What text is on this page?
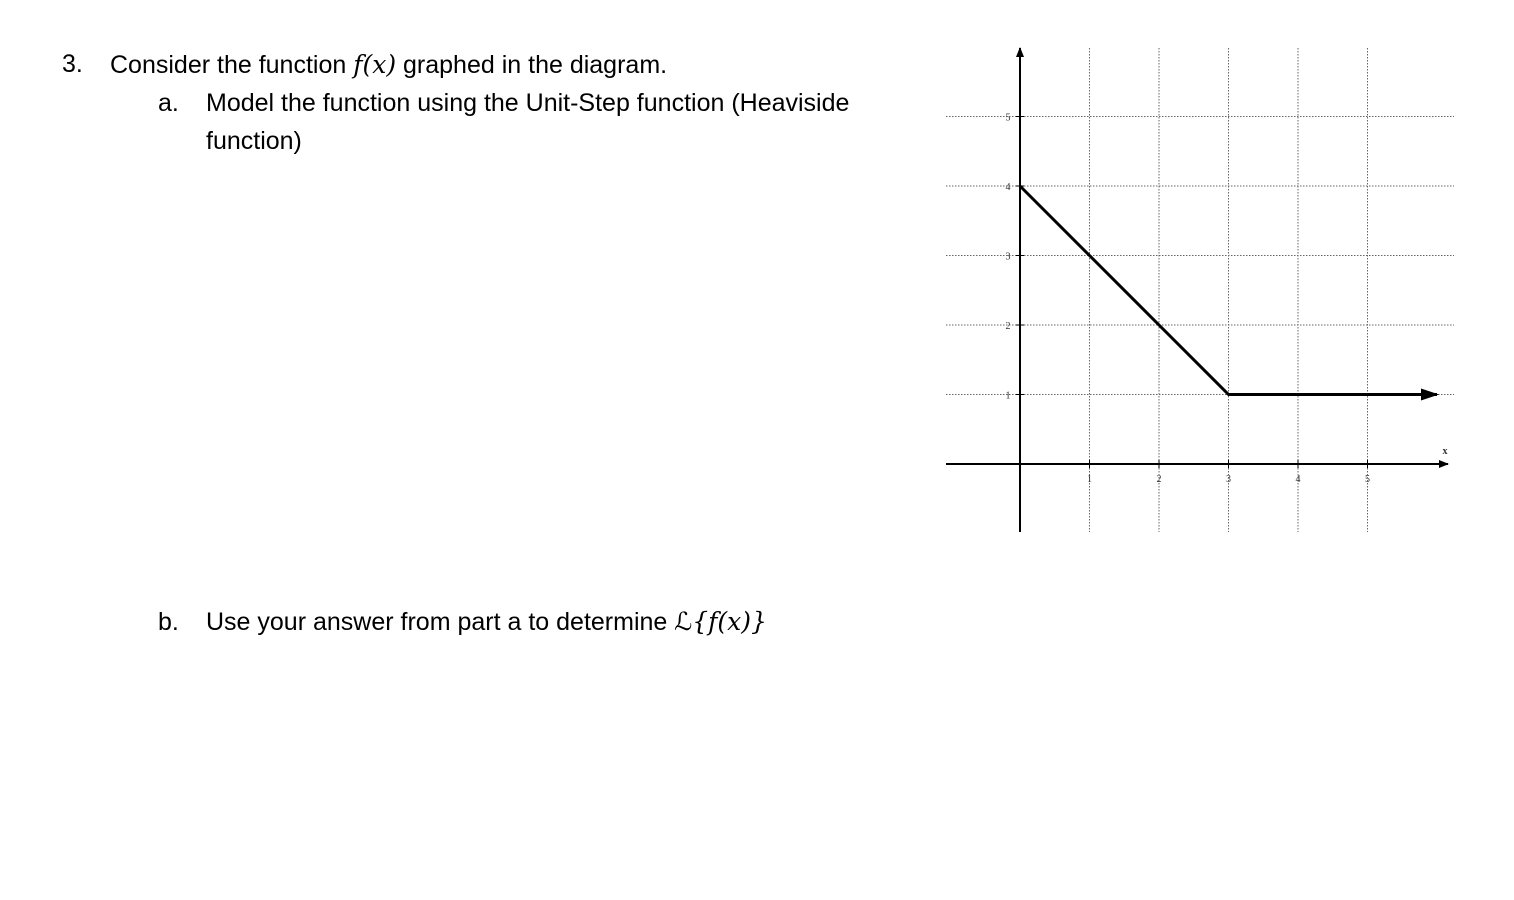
3. Consider the function f(x) graphed in the diagram.
a. Model the function using the Unit-Step function (Heaviside function)
b. Use your answer from part a to determine ℒ{f(x)}
1	2	3	4	5
1
2
3
4
5
x
